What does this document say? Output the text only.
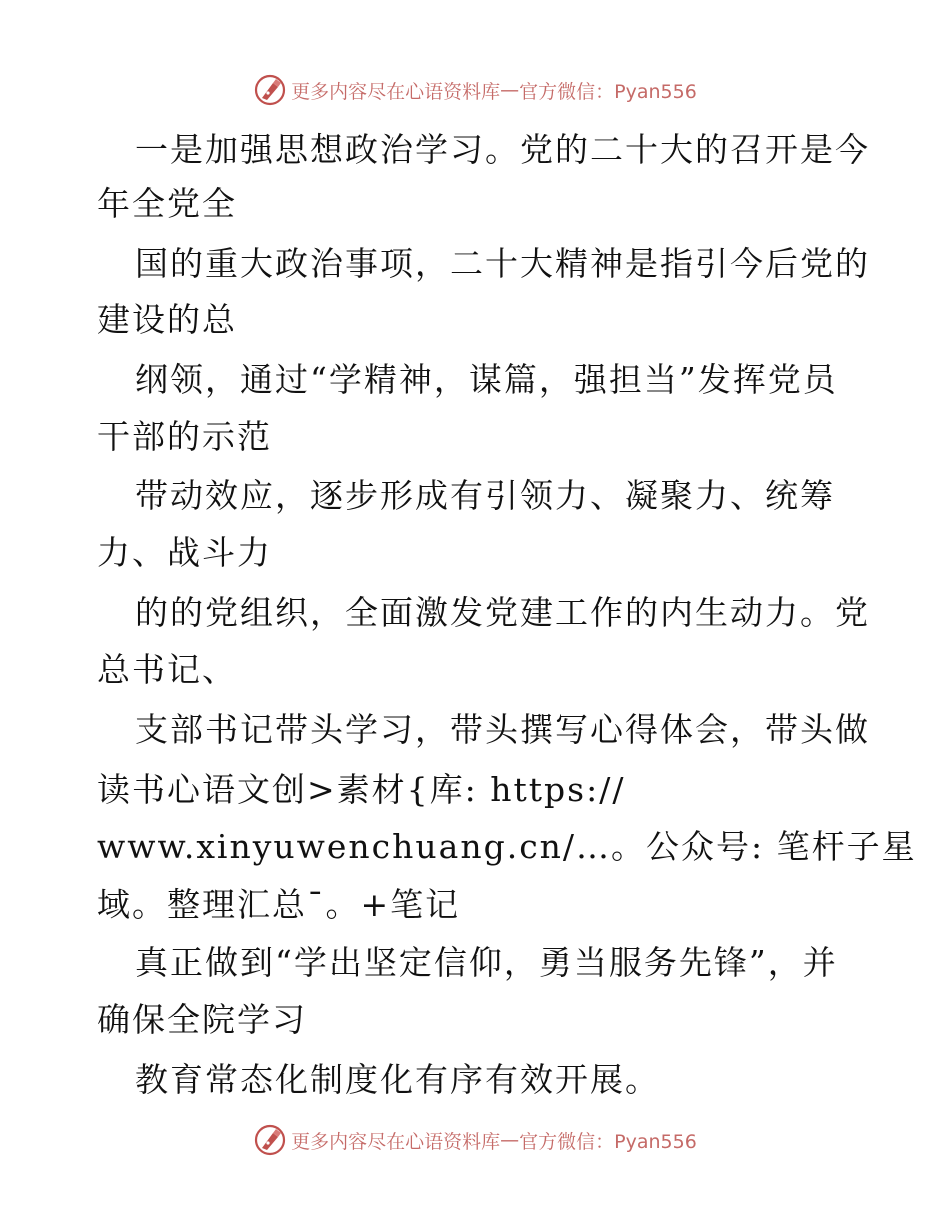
更多内容尽在心语资料库 — 官方微信：Pyan556
一是加强思想政治学习。党的二十大的召开是今
年全党全
国的重大政治事项，二十大精神是指引今后党的
建设的总
纲领，通过“学精神，谋篇，强担当”发挥党员
干部的示范
带动效应，逐步形成有引领力、凝聚力、统筹
力、战斗力
的的党组织，全面激发党建工作的内生动力。党
总书记、
支部书记带头学习，带头撰写心得体会，带头做
读书心语文创>素材{库: https://
www.xinyuwenchuang.cn/…。公众号: 笔杆子星
域。整理汇总¯。+笔记
真正做到“学出坚定信仰，勇当服务先锋”，并
确保全院学习
教育常态化制度化有序有效开展。
更多内容尽在心语资料库 — 官方微信：Pyan556
